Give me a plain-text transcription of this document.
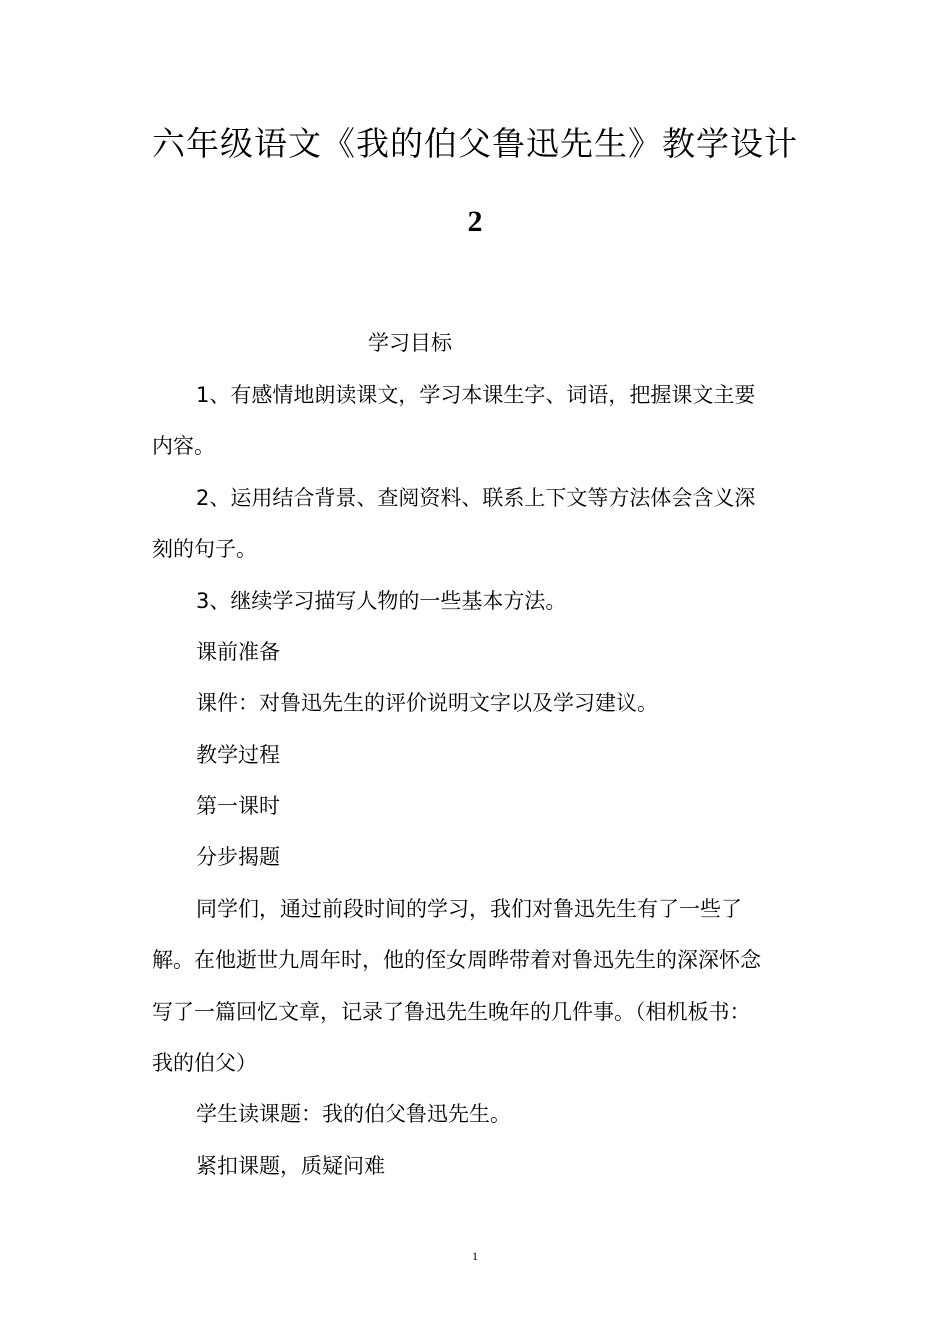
六年级语文《我的伯父鲁迅先生》教学设计
2
学习目标
1、有感情地朗读课文，学习本课生字、词语，把握课文主要
内容。
2、运用结合背景、查阅资料、联系上下文等方法体会含义深
刻的句子。
3、继续学习描写人物的一些基本方法。
课前准备
课件：对鲁迅先生的评价说明文字以及学习建议。
教学过程
第一课时
分步揭题
同学们，通过前段时间的学习，我们对鲁迅先生有了一些了
解。在他逝世九周年时，他的侄女周晔带着对鲁迅先生的深深怀念
写了一篇回忆文章，记录了鲁迅先生晚年的几件事。（相机板书：
我的伯父）
学生读课题：我的伯父鲁迅先生。
紧扣课题，质疑问难
1
